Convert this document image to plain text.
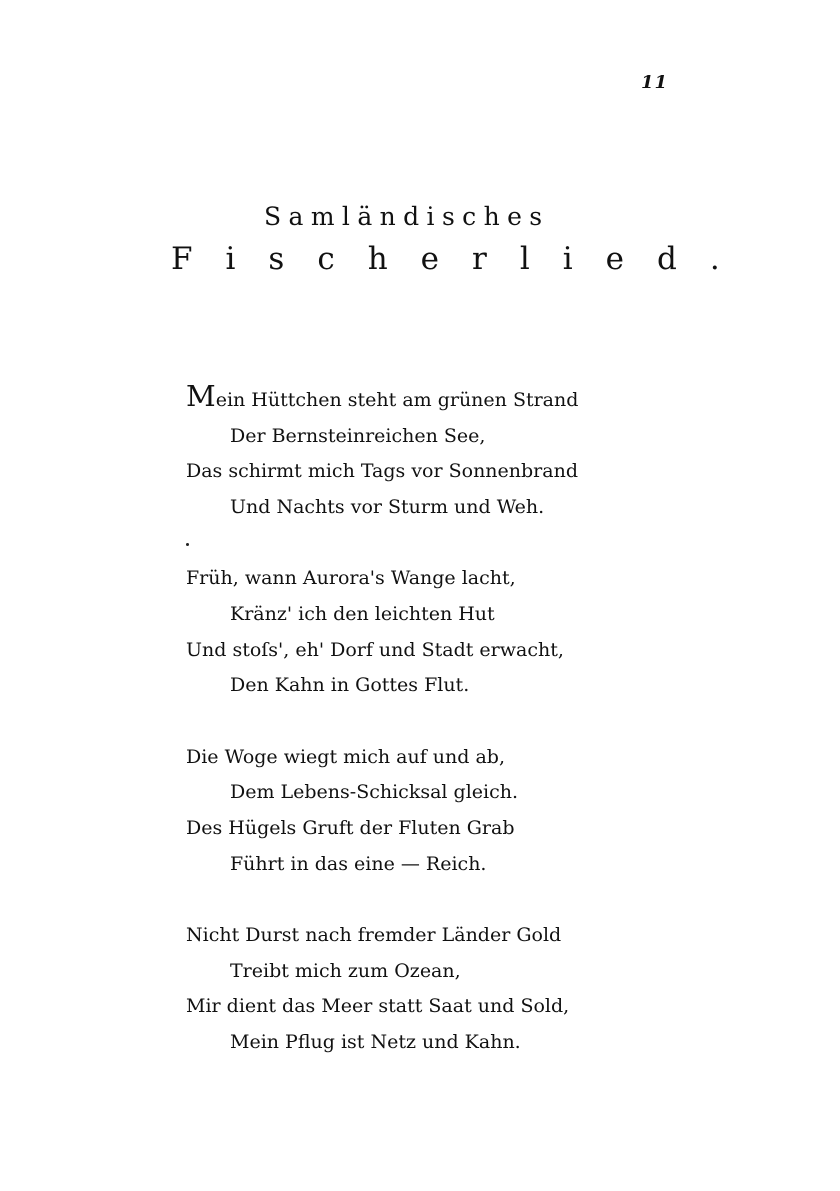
11
Samländisches
Fischerlied.
Mein Hüttchen steht am grünen Strand
Der Bernsteinreichen See,
Das schirmt mich Tags vor Sonnenbrand
Und Nachts vor Sturm und Weh.
Früh, wann Aurora's Wange lacht,
Kränz' ich den leichten Hut
Und stoſs', eh' Dorf und Stadt erwacht,
Den Kahn in Gottes Flut.
Die Woge wiegt mich auf und ab,
Dem Lebens-Schicksal gleich.
Des Hügels Gruft der Fluten Grab
Führt in das eine — Reich.
Nicht Durst nach fremder Länder Gold
Treibt mich zum Ozean,
Mir dient das Meer statt Saat und Sold,
Mein Pflug ist Netz und Kahn.
